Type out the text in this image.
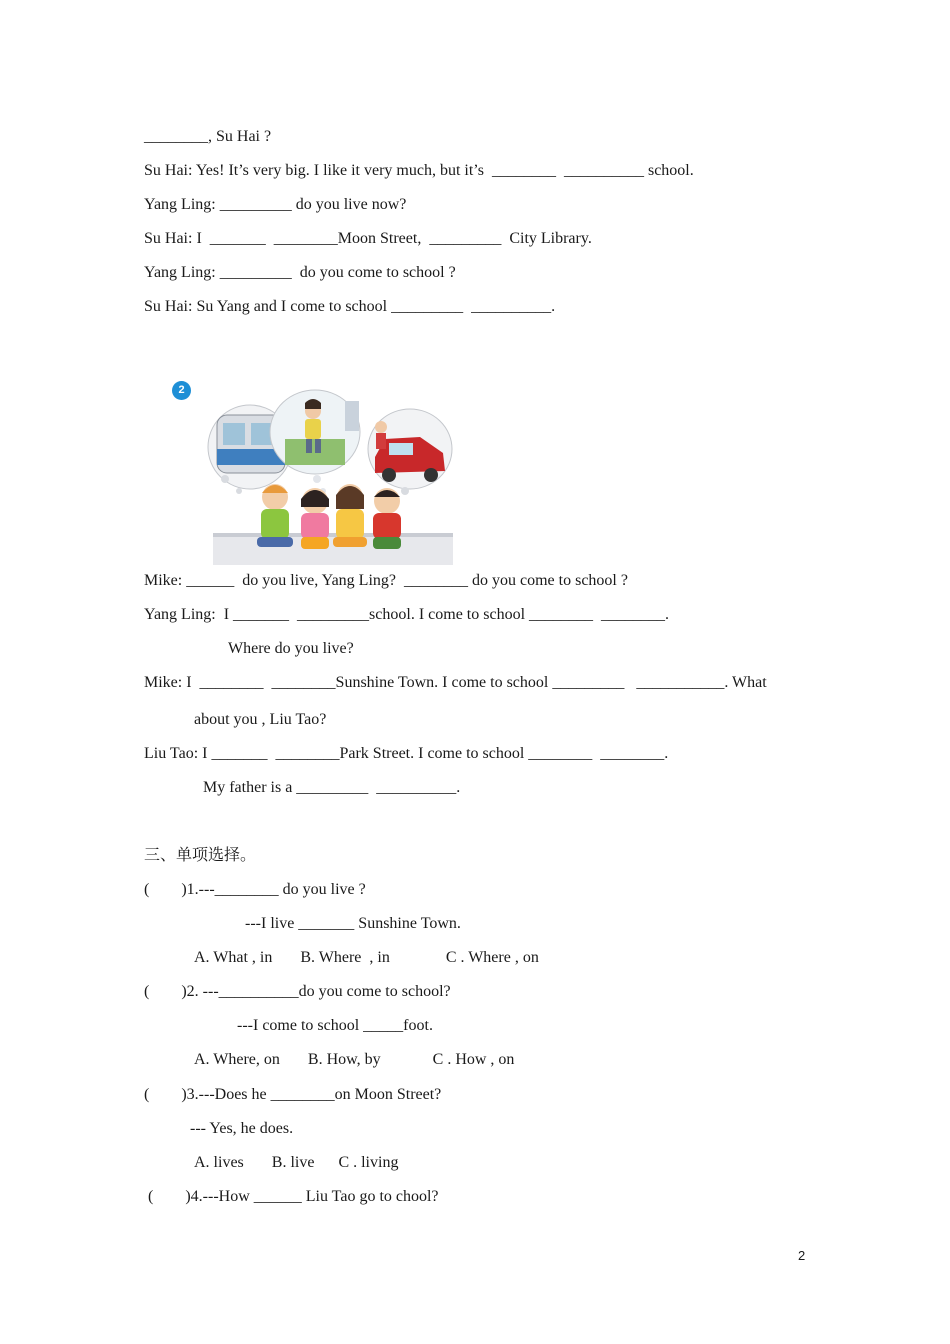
________, Su Hai ?
Su Hai: Yes! It’s very big. I like it very much, but it’s  ________  __________ school.
Yang Ling: _________ do you live now?
Su Hai: I  _______  ________Moon Street,  _________  City Library.
Yang Ling: _________  do you come to school ?
Su Hai: Su Yang and I come to school _________  __________.
2
Mike: ______  do you live, Yang Ling?  ________ do you come to school ?
Yang Ling:  I _______  _________school. I come to school ________  ________.
Where do you live?
Mike: I  ________  ________Sunshine Town. I come to school _________   ___________. What
about you , Liu Tao?
Liu Tao: I _______  ________Park Street. I come to school ________  ________.
My father is a _________  __________.
三、单项选择。
(        )1.---________ do you live ?
---I live _______ Sunshine Town.
A. What , in       B. Where  , in              C . Where , on
(        )2. ---__________do you come to school?
---I come to school _____foot.
A. Where, on       B. How, by             C . How , on
(        )3.---Does he ________on Moon Street?
--- Yes, he does.
A. lives       B. live      C . living
(        )4.---How ______ Liu Tao go to chool?
2
